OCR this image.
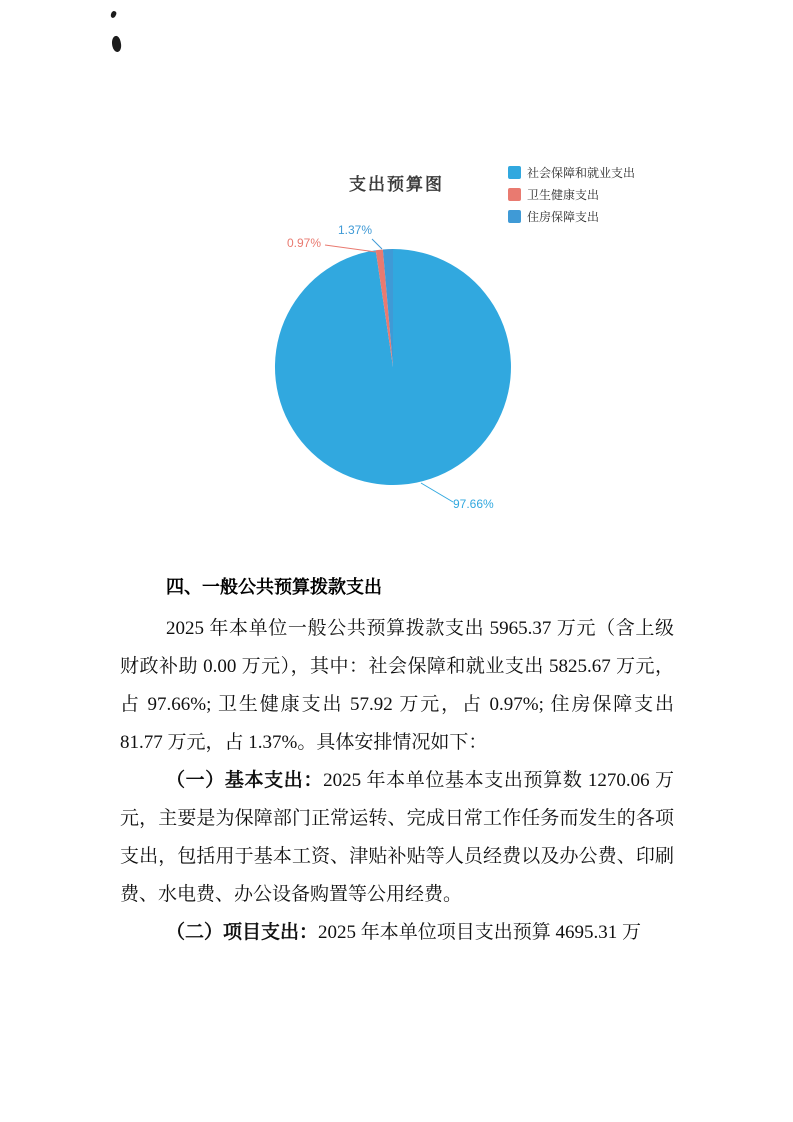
支出预算图
社会保障和就业支出
卫生健康支出
住房保障支出
97.66%
0.97%
1.37%
四、一般公共预算拨款支出

2025 年本单位一般公共预算拨款支出 5965.37 万元（含上级财政补助 0.00 万元），其中：社会保障和就业支出 5825.67 万元，占 97.66%; 卫生健康支出 57.92 万元，占 0.97%; 住房保障支出 81.77 万元，占 1.37%。具体安排情况如下：

（一）基本支出：2025 年本单位基本支出预算数 1270.06 万元，主要是为保障部门正常运转、完成日常工作任务而发生的各项支出，包括用于基本工资、津贴补贴等人员经费以及办公费、印刷费、水电费、办公设备购置等公用经费。

（二）项目支出：2025 年本单位项目支出预算 4695.31 万
